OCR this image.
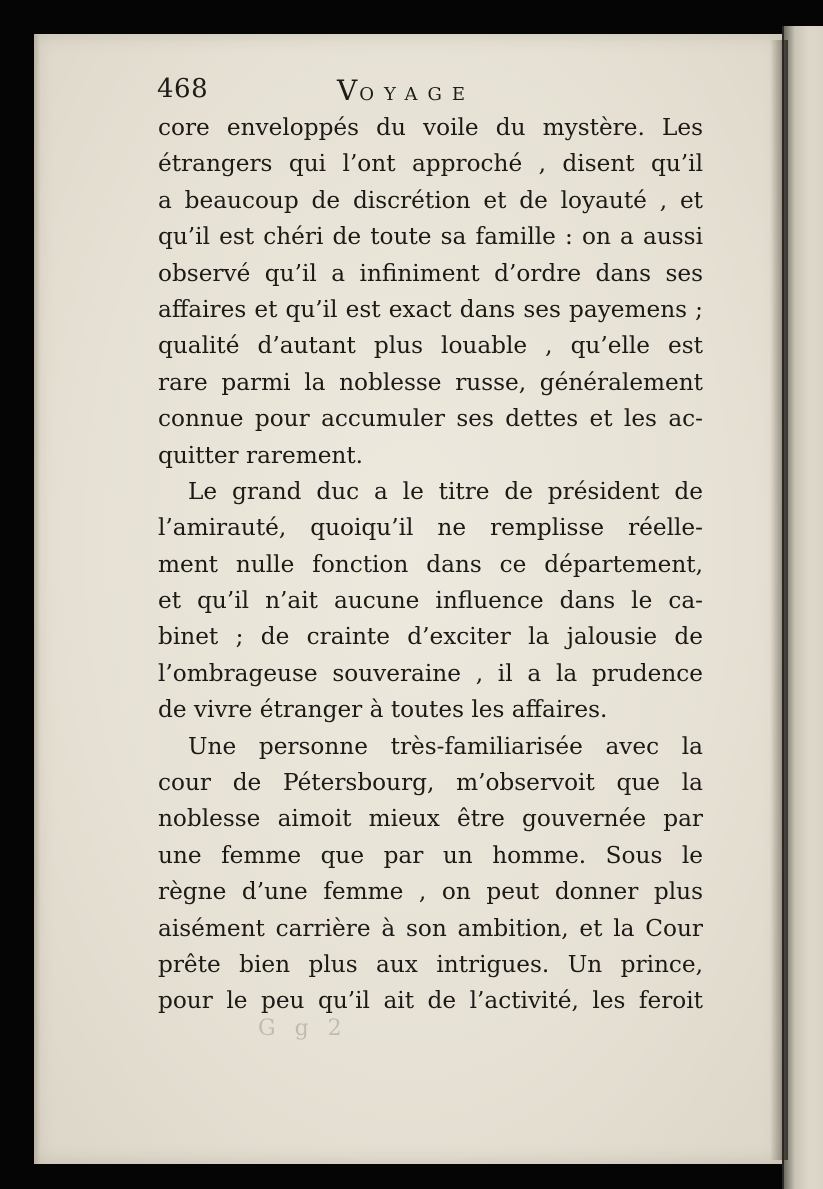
468	VOYAGE
core enveloppés du voile du mystère. Les
étrangers qui l’ont approché , disent qu’il
a beaucoup de discrétion et de loyauté , et
qu’il est chéri de toute sa famille : on a aussi
observé qu’il a infiniment d’ordre dans ses
affaires et qu’il est exact dans ses payemens ;
qualité d’autant plus louable , qu’elle est
rare parmi la noblesse russe, généralement
connue pour accumuler ses dettes et les ac-
quitter rarement.
Le grand duc a le titre de président de
l’amirauté, quoiqu’il ne remplisse réelle-
ment nulle fonction dans ce département,
et qu’il n’ait aucune influence dans le ca-
binet ; de crainte d’exciter la jalousie de
l’ombrageuse souveraine , il a la prudence
de vivre étranger à toutes les affaires.
Une personne très-familiarisée avec la
cour de Pétersbourg, m’observoit que la
noblesse aimoit mieux être gouvernée par
une femme que par un homme. Sous le
règne d’une femme , on peut donner plus
aisément carrière à son ambition, et la Cour
prête bien plus aux intrigues. Un prince,
pour le peu qu’il ait de l’activité, les feroit
G g 2
